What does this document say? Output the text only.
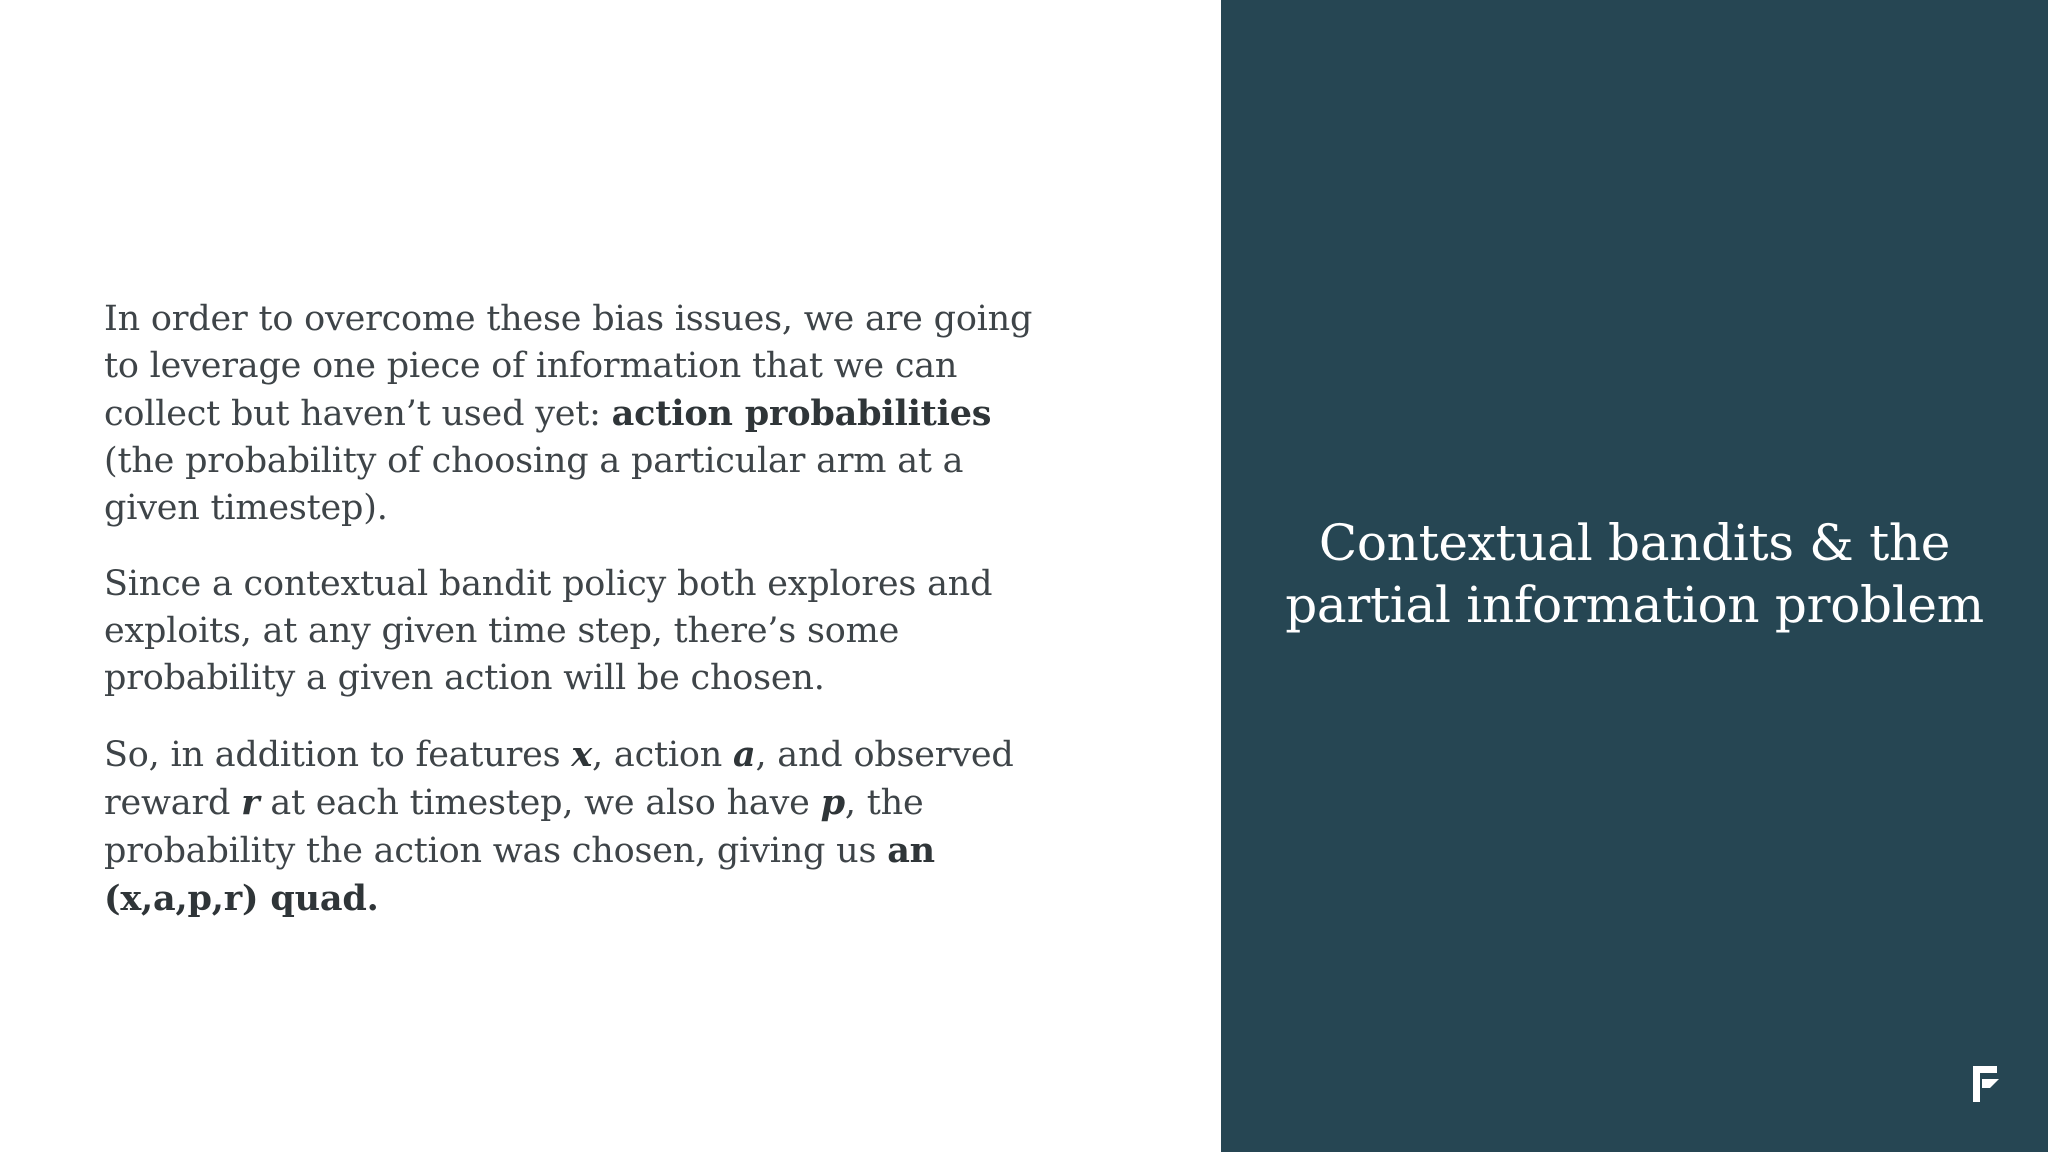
In order to overcome these bias issues, we are going to leverage one piece of information that we can collect but haven’t used yet: action probabilities (the probability of choosing a particular arm at a given timestep).

Since a contextual bandit policy both explores and exploits, at any given time step, there’s some probability a given action will be chosen.

So, in addition to features x, action a, and observed reward r at each timestep, we also have p, the probability the action was chosen, giving us an (x,a,p,r) quad.

Contextual bandits & the
partial information problem
